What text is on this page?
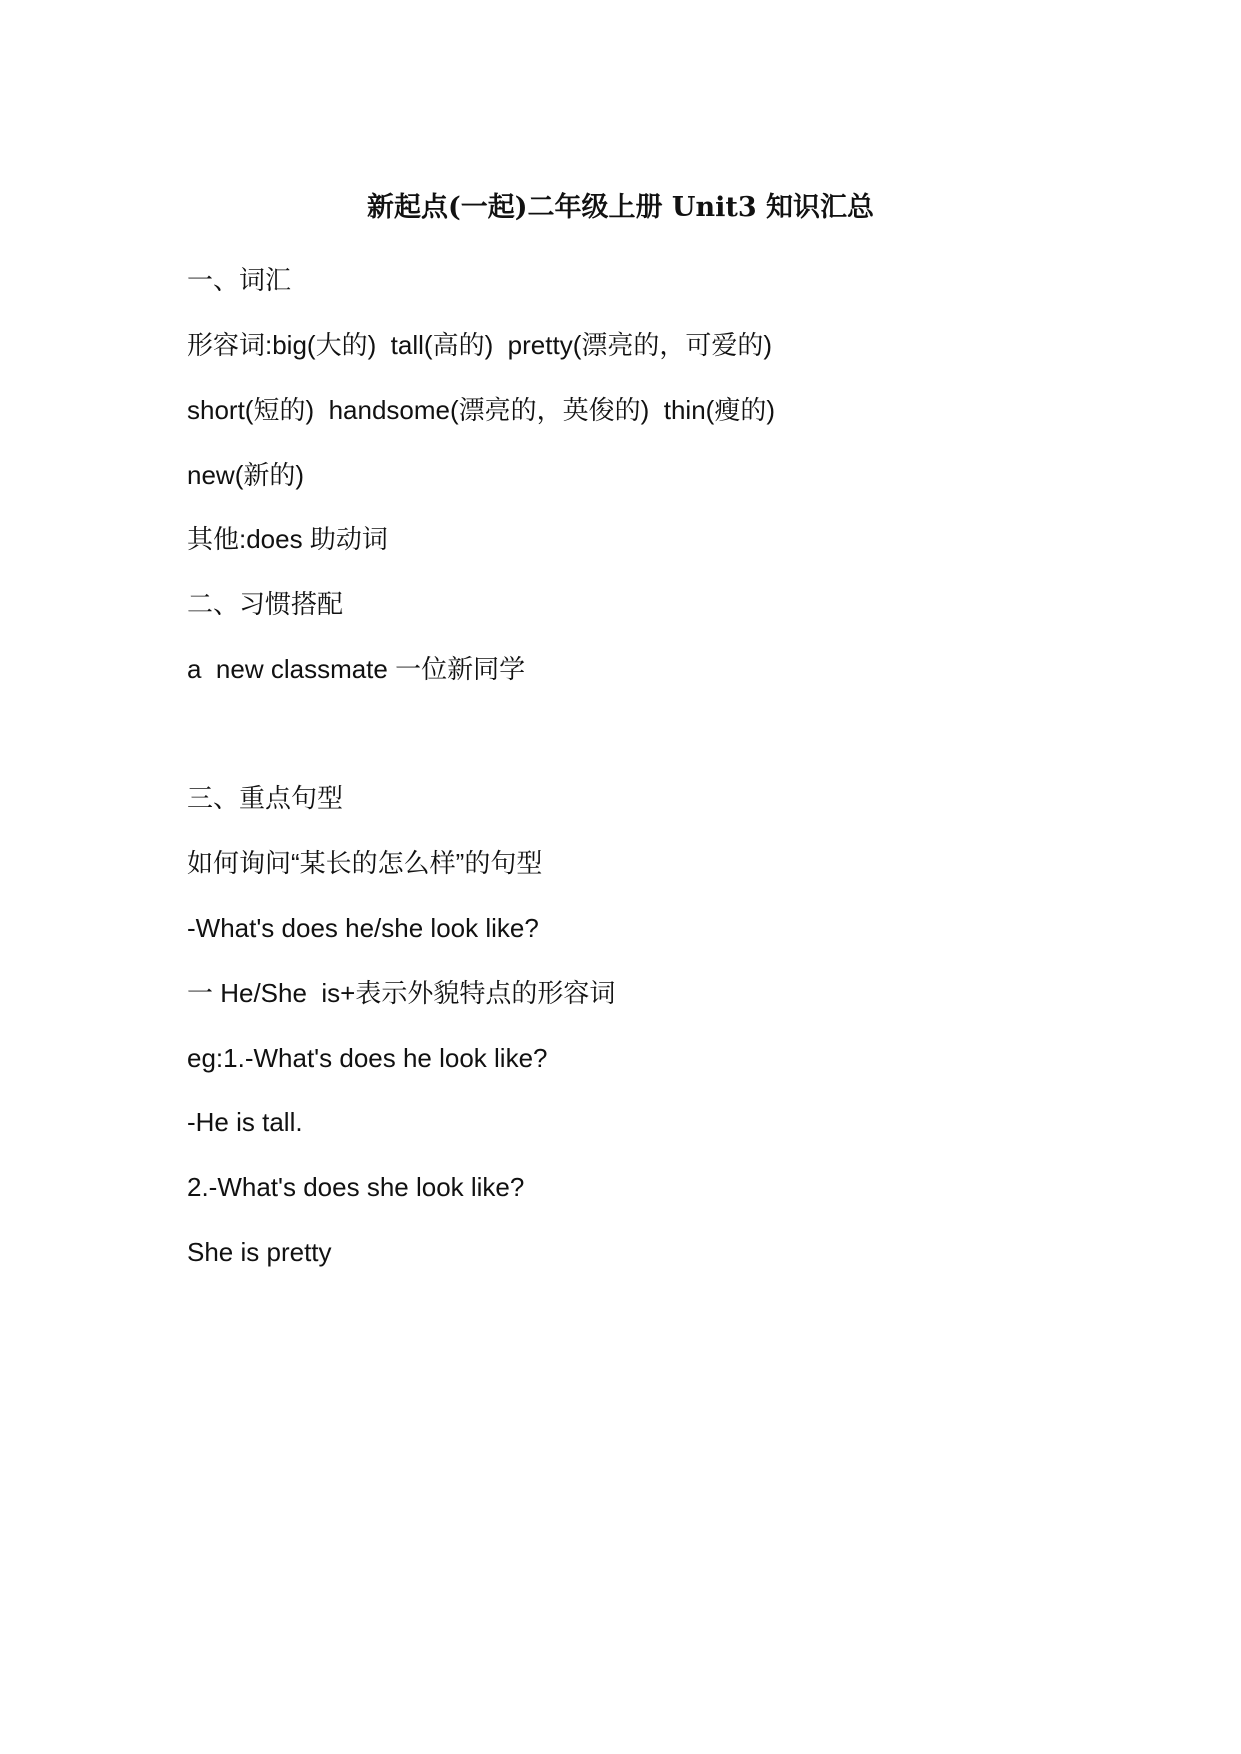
新起点(一起)二年级上册 Unit3 知识汇总
一、词汇
形容词:big(大的)  tall(高的)  pretty(漂亮的，可爱的)
short(短的)  handsome(漂亮的，英俊的)  thin(瘦的)
new(新的)
其他:does 助动词
二、习惯搭配
a  new classmate 一位新同学
三、重点句型
如何询问“某长的怎么样”的句型
-What's does he/she look like?
一 He/She  is+表示外貌特点的形容词
eg:1.-What's does he look like?
-He is tall.
2.-What's does she look like?
She is pretty
